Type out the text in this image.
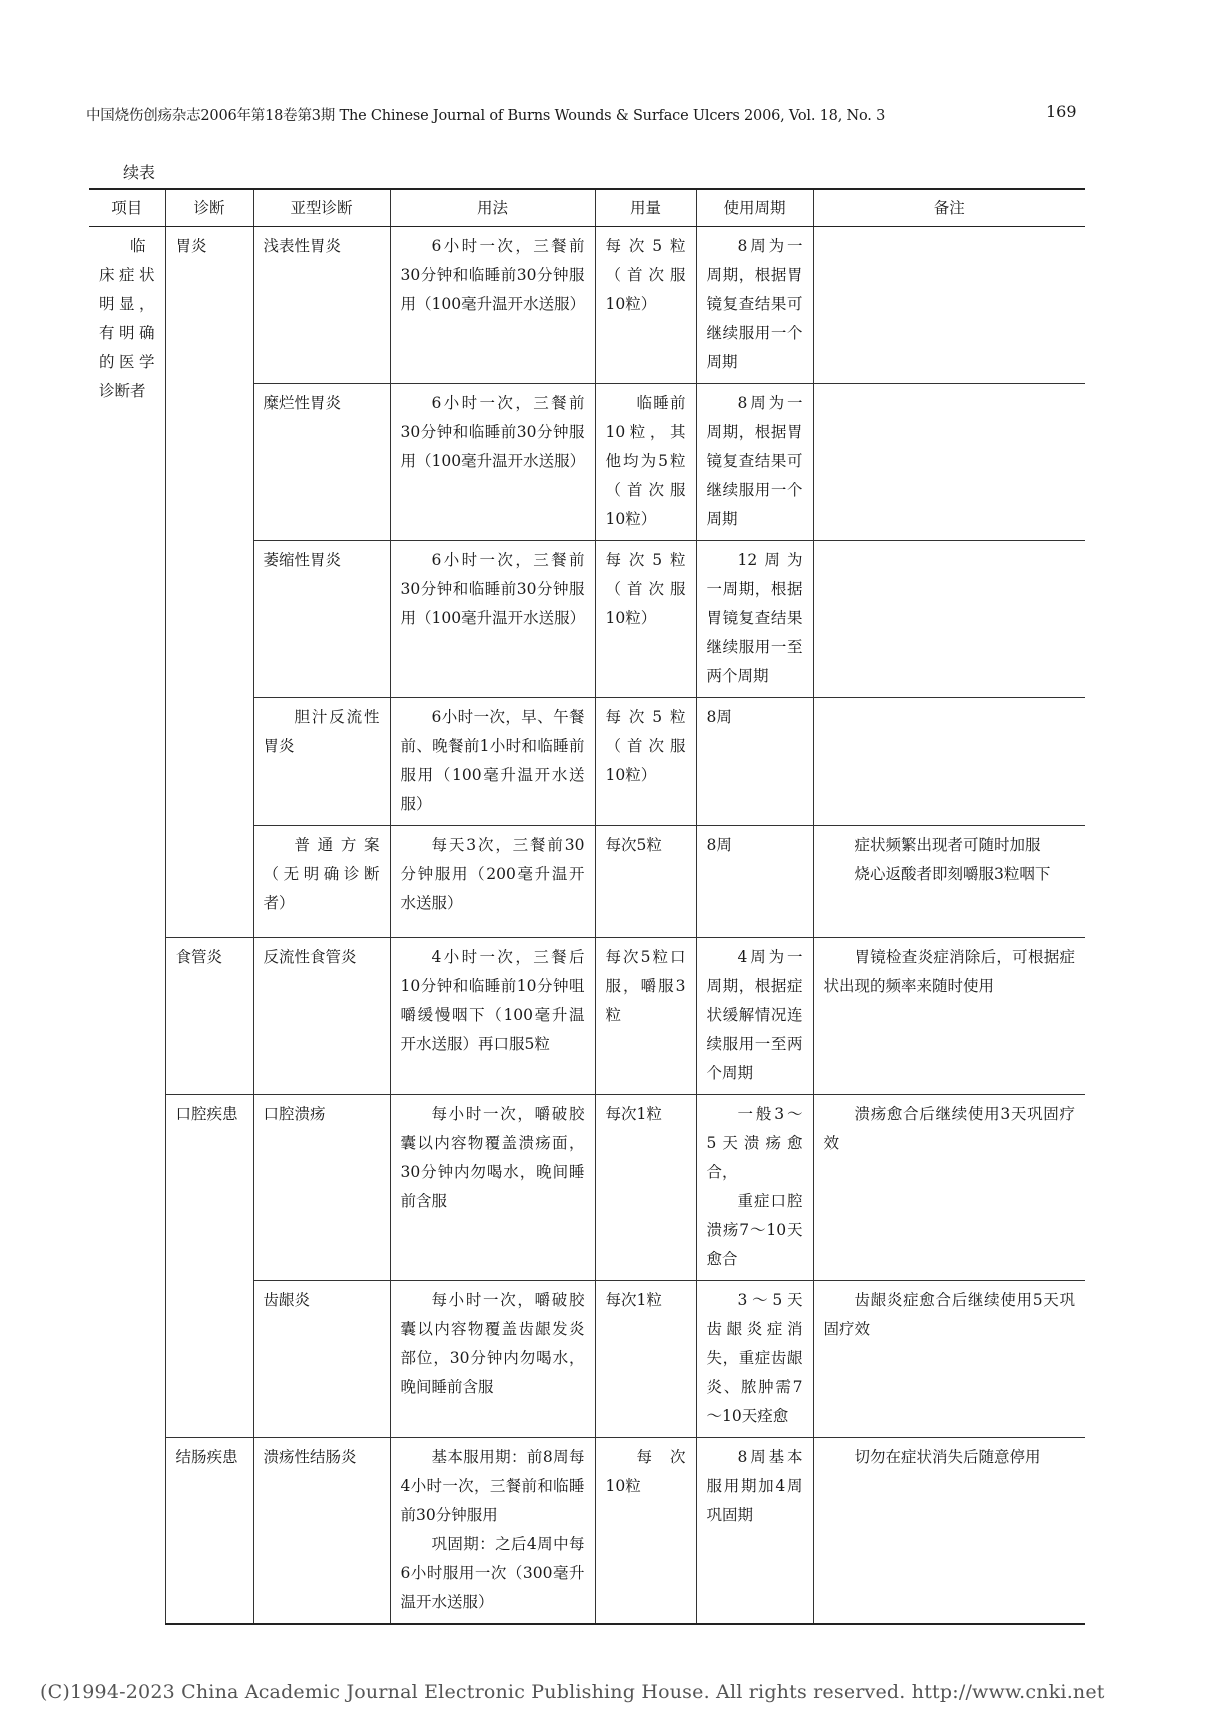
中国烧伤创疡杂志2006年第18卷第3期 The Chinese Journal of Burns Wounds & Surface Ulcers 2006, Vol. 18, No. 3	169
续表
项目	诊断	亚型诊断	用法	用量	使用周期	备注
临床症状明显，有明确的医学诊断者	胃炎	浅表性胃炎	6小时一次，三餐前30分钟和临睡前30分钟服用（100毫升温开水送服）	每次5粒（首次服10粒）	8周为一周期，根据胃镜复查结果可继续服用一个周期	
		糜烂性胃炎	6小时一次，三餐前30分钟和临睡前30分钟服用（100毫升温开水送服）	临睡前10粒，其他均为5粒（首次服10粒）	8周为一周期，根据胃镜复查结果可继续服用一个周期	
		萎缩性胃炎	6小时一次，三餐前30分钟和临睡前30分钟服用（100毫升温开水送服）	每次5粒（首次服10粒）	12周为一周期，根据胃镜复查结果继续服用一至两个周期	
		胆汁反流性胃炎	6小时一次，早、午餐前、晚餐前1小时和临睡前服用（100毫升温开水送服）	每次5粒（首次服10粒）	8周	
		普通方案（无明确诊断者）	每天3次，三餐前30分钟服用（200毫升温开水送服）	每次5粒	8周	症状频繁出现者可随时加服
烧心返酸者即刻嚼服3粒咽下

	食管炎	反流性食管炎	4小时一次，三餐后10分钟和临睡前10分钟咀嚼缓慢咽下（100毫升温开水送服）再口服5粒	每次5粒口服，嚼服3粒	4周为一周期，根据症状缓解情况连续服用一至两个周期	胃镜检查炎症消除后，可根据症状出现的频率来随时使用
	口腔疾患	口腔溃疡	每小时一次，嚼破胶囊以内容物覆盖溃疡面，30分钟内勿喝水，晚间睡前含服	每次1粒	一般3～5天溃疡愈合，
重症口腔溃疡7～10天愈合	溃疡愈合后继续使用3天巩固疗效
		齿龈炎	每小时一次，嚼破胶囊以内容物覆盖齿龈发炎部位，30分钟内勿喝水，晚间睡前含服	每次1粒	3～5天齿龈炎症消失，重症齿龈炎、脓肿需7～10天痊愈	齿龈炎症愈合后继续使用5天巩固疗效
	结肠疾患	溃疡性结肠炎	基本服用期：前8周每4小时一次，三餐前和临睡前30分钟服用
巩固期：之后4周中每6小时服用一次（300毫升温开水送服）	每次10粒	8周基本服用期加4周巩固期	切勿在症状消失后随意停用
(C)1994-2023 China Academic Journal Electronic Publishing House. All rights reserved. http://www.cnki.net
